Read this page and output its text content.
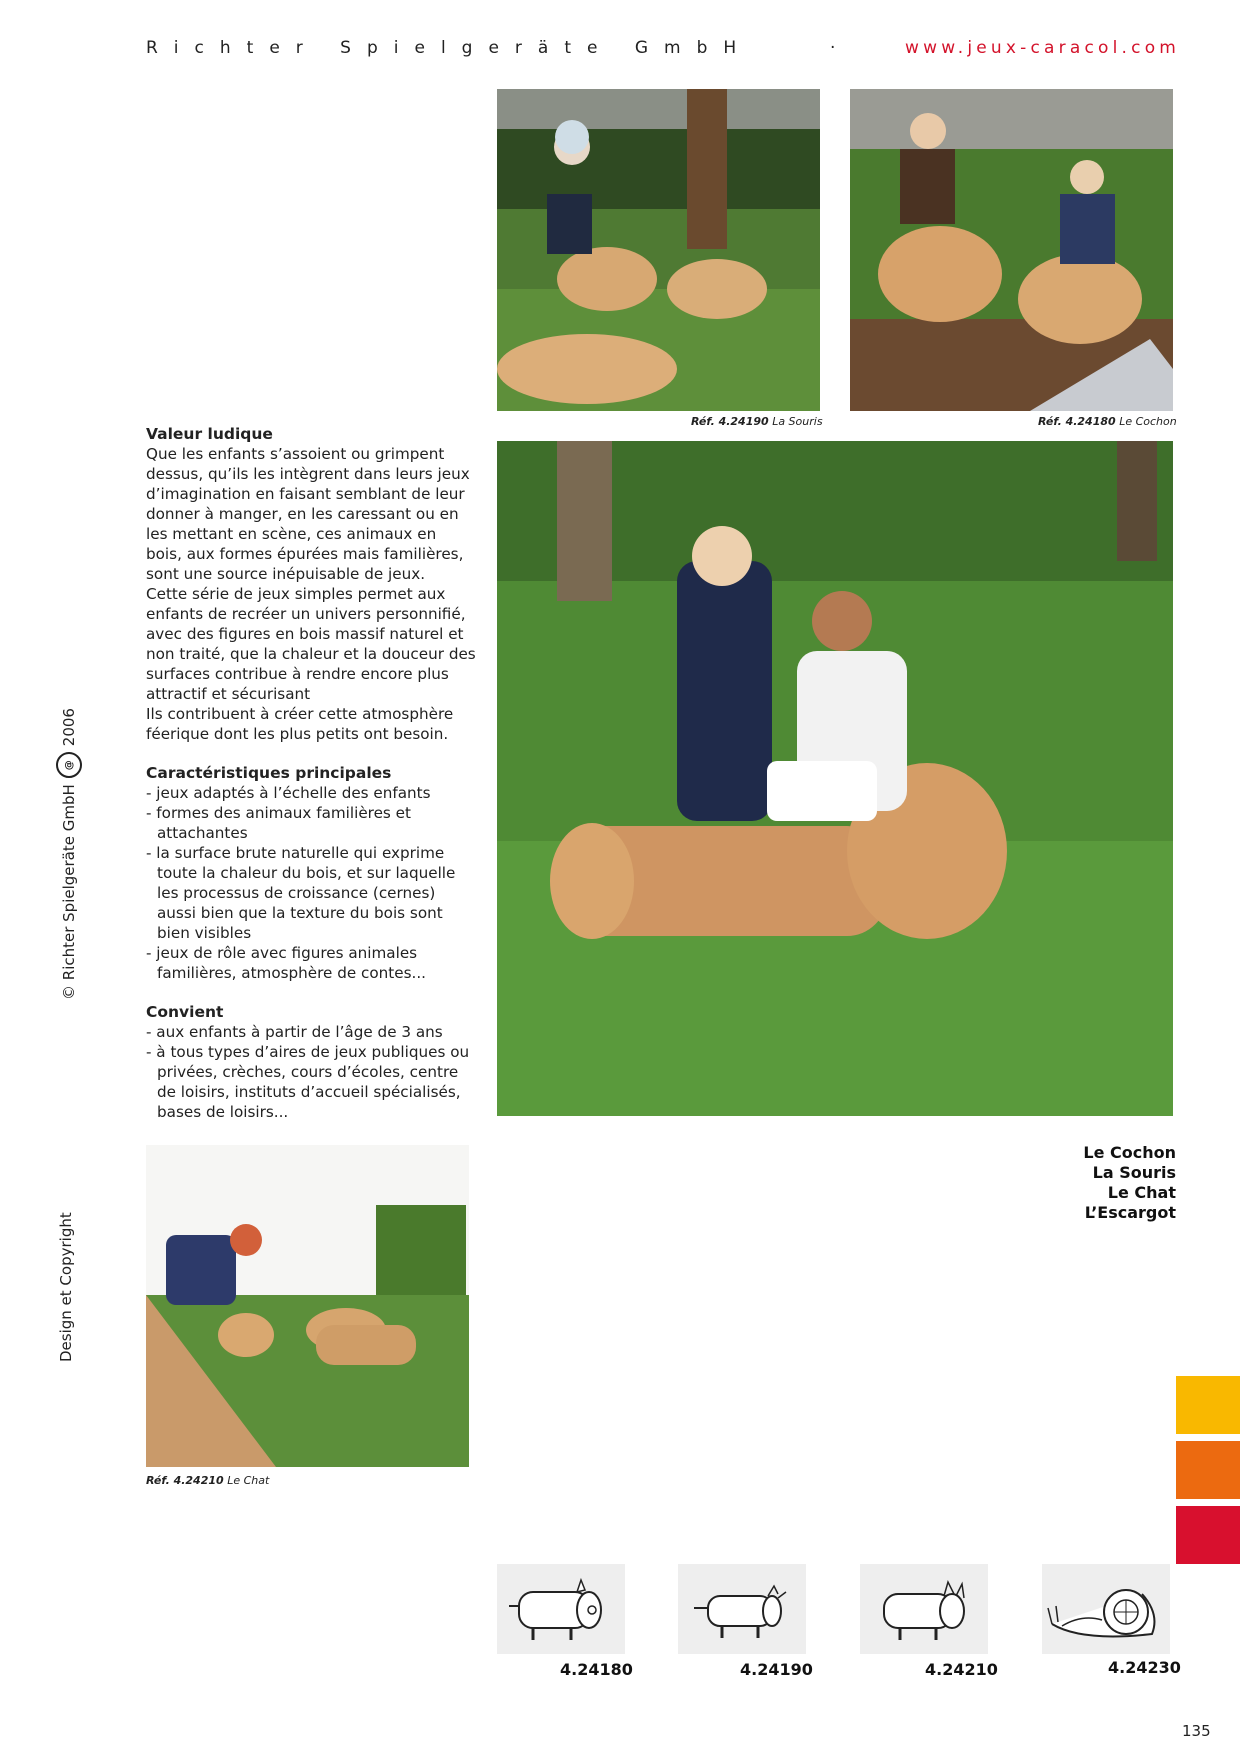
Richter Spielgeräte GmbH	·	www.jeux-caracol.com
© Richter Spielgeräte GmbH
@
2006
Design et Copyright
Réf. 4.24190 La Souris	Réf. 4.24180 Le Cochon
Valeur ludique

Que les enfants s’assoient ou grimpent dessus, qu’ils les intègrent dans leurs jeux d’imagination en faisant semblant de leur donner à manger, en les caressant ou en les mettant en scène, ces animaux en bois, aux formes épurées mais familières, sont une source inépuisable de jeux.

Cette série de jeux simples permet aux enfants de recréer un univers personnifié, avec des figures en bois massif naturel et non traité, que la chaleur et la douceur des surfaces contribue à rendre encore plus attractif et sécurisant

Ils contribuent à créer cette atmosphère féerique dont les plus petits ont besoin.

Caractéristiques principales
- jeux adaptés à l’échelle des enfants
- formes des animaux familières et attachantes
- la surface brute naturelle qui exprime toute la chaleur du bois, et sur laquelle les processus de croissance (cernes) aussi bien que la texture du bois sont bien visibles
- jeux de rôle avec figures animales familières, atmosphère de contes...
Convient
- aux enfants à partir de l’âge de 3 ans
- à tous types d’aires de jeux publiques ou privées, crèches, cours d’écoles, centre de loisirs, instituts d’accueil spécialisés, bases de loisirs...
Réf. 4.24210 Le Chat
Le Cochon
La Souris
Le Chat
L’Escargot
4.24180	4.24190	4.24210	4.24230
135
